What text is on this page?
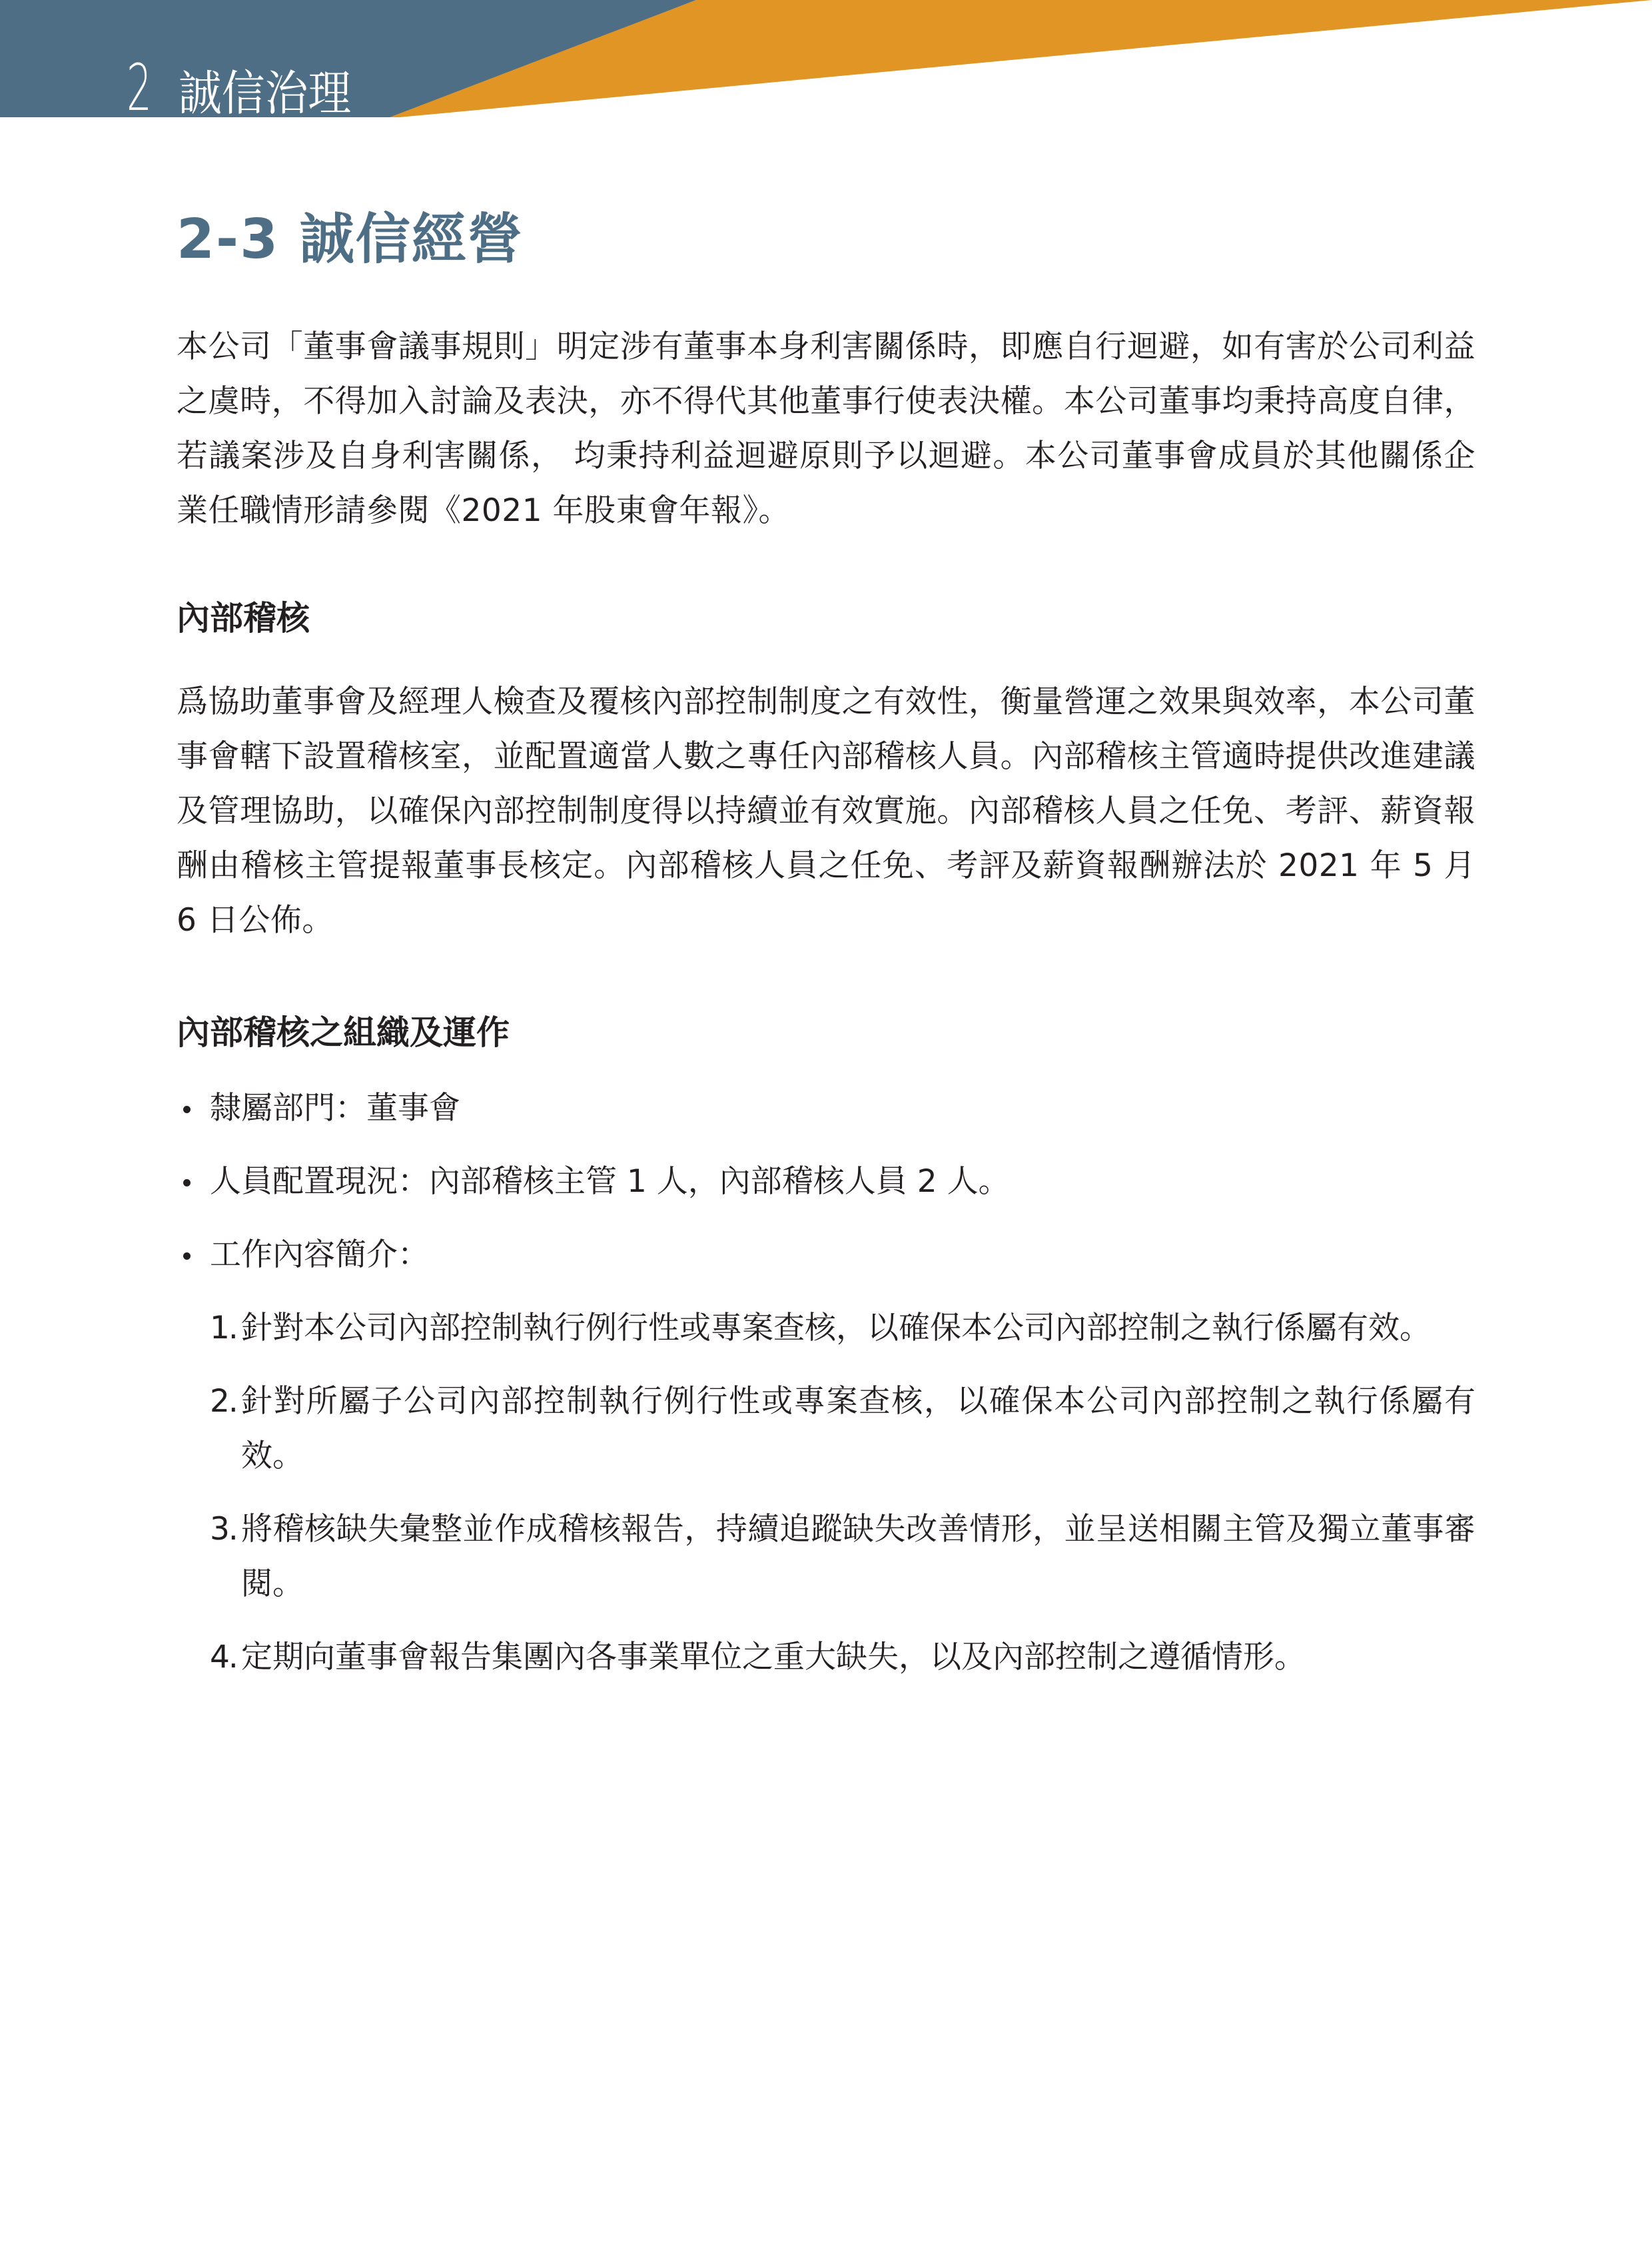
2 誠信治理
2-3 誠信經營

本公司「董事會議事規則」明定涉有董事本身利害關係時，即應自行迴避，如有害於公司利益之虞時，不得加入討論及表決，亦不得代其他董事行使表決權。本公司董事均秉持高度自律，若議案涉及自身利害關係， 均秉持利益迴避原則予以迴避。本公司董事會成員於其他關係企業任職情形請參閱《2021 年股東會年報》。

內部稽核

爲協助董事會及經理人檢查及覆核內部控制制度之有效性，衡量營運之效果與效率，本公司董事會轄下設置稽核室，並配置適當人數之專任內部稽核人員。內部稽核主管適時提供改進建議及管理協助，以確保內部控制制度得以持續並有效實施。內部稽核人員之任免、考評、薪資報酬由稽核主管提報董事長核定。內部稽核人員之任免、考評及薪資報酬辦法於 2021 年 5 月 6 日公佈。

內部稽核之組織及運作
隸屬部門：董事會
人員配置現況：內部稽核主管 1 人，內部稽核人員 2 人。
工作內容簡介：
1. 針對本公司內部控制執行例行性或專案查核，以確保本公司內部控制之執行係屬有效。
2. 針對所屬子公司內部控制執行例行性或專案查核，以確保本公司內部控制之執行係屬有效。
3. 將稽核缺失彙整並作成稽核報告，持續追蹤缺失改善情形，並呈送相關主管及獨立董事審閱。
4. 定期向董事會報告集團內各事業單位之重大缺失，以及內部控制之遵循情形。
